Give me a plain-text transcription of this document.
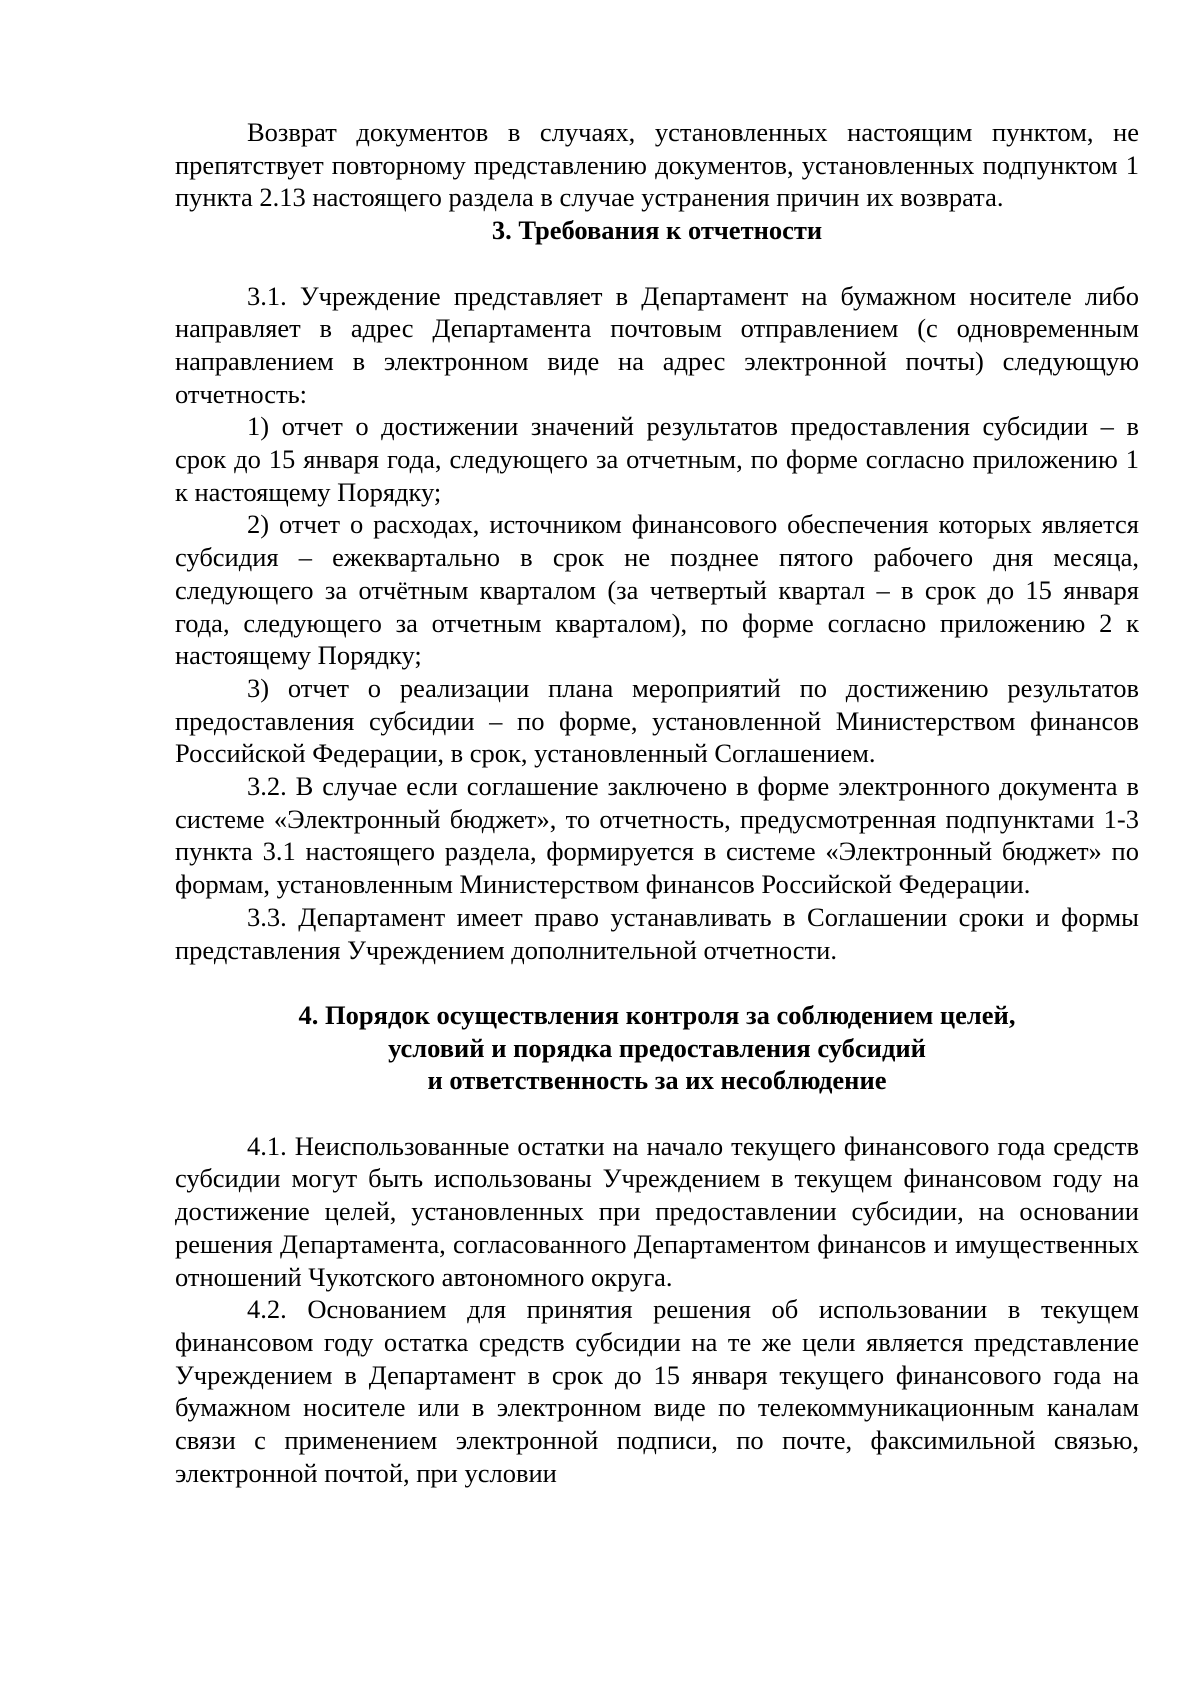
Возврат документов в случаях, установленных настоящим пунктом, не препятствует повторному представлению документов, установленных подпунктом 1 пункта 2.13 настоящего раздела в случае устранения причин их возврата.

3. Требования к отчетности

3.1. Учреждение представляет в Департамент на бумажном носителе либо направляет в адрес Департамента почтовым отправлением (с одновременным направлением в электронном виде на адрес электронной почты) следующую отчетность:

1) отчет о достижении значений результатов предоставления субсидии – в срок до 15 января года, следующего за отчетным, по форме согласно приложению 1 к настоящему Порядку;

2) отчет о расходах, источником финансового обеспечения которых является субсидия – ежеквартально в срок не позднее пятого рабочего дня месяца, следующего за отчётным кварталом (за четвертый квартал – в срок до 15 января года, следующего за отчетным кварталом), по форме согласно приложению 2 к настоящему Порядку;

3) отчет о реализации плана мероприятий по достижению результатов предоставления субсидии – по форме, установленной Министерством финансов Российской Федерации, в срок, установленный Соглашением.

3.2. В случае если соглашение заключено в форме электронного документа в системе «Электронный бюджет», то отчетность, предусмотренная подпунктами 1-3 пункта 3.1 настоящего раздела, формируется в системе «Электронный бюджет» по формам, установленным Министерством финансов Российской Федерации.

3.3. Департамент имеет право устанавливать в Соглашении сроки и формы представления Учреждением дополнительной отчетности.

4. Порядок осуществления контроля за соблюдением целей,
условий и порядка предоставления субсидий
и ответственность за их несоблюдение

4.1. Неиспользованные остатки на начало текущего финансового года средств субсидии могут быть использованы Учреждением в текущем финансовом году на достижение целей, установленных при предоставлении субсидии, на основании решения Департамента, согласованного Департаментом финансов и имущественных отношений Чукотского автономного округа.

4.2. Основанием для принятия решения об использовании в текущем финансовом году остатка средств субсидии на те же цели является представление Учреждением в Департамент в срок до 15 января текущего финансового года на бумажном носителе или в электронном виде по телекоммуникационным каналам связи с применением электронной подписи, по почте, факсимильной связью, электронной почтой, при условии
